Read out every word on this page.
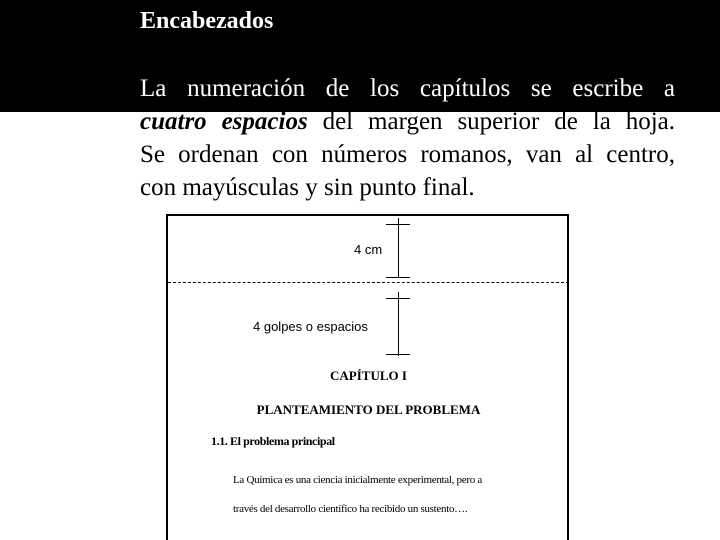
Encabezados
La numeración de los capítulos se escribe a
cuatro espacios del margen superior de la hoja.
Se ordenan con números romanos, van al centro,
con mayúsculas y sin punto final.
4 cm
4 golpes o espacios
CAPÍTULO I
PLANTEAMIENTO DEL PROBLEMA
1.1. El problema principal
La Química es una ciencia inicialmente experimental, pero a
través del desarrollo científico ha recibido un sustento….
